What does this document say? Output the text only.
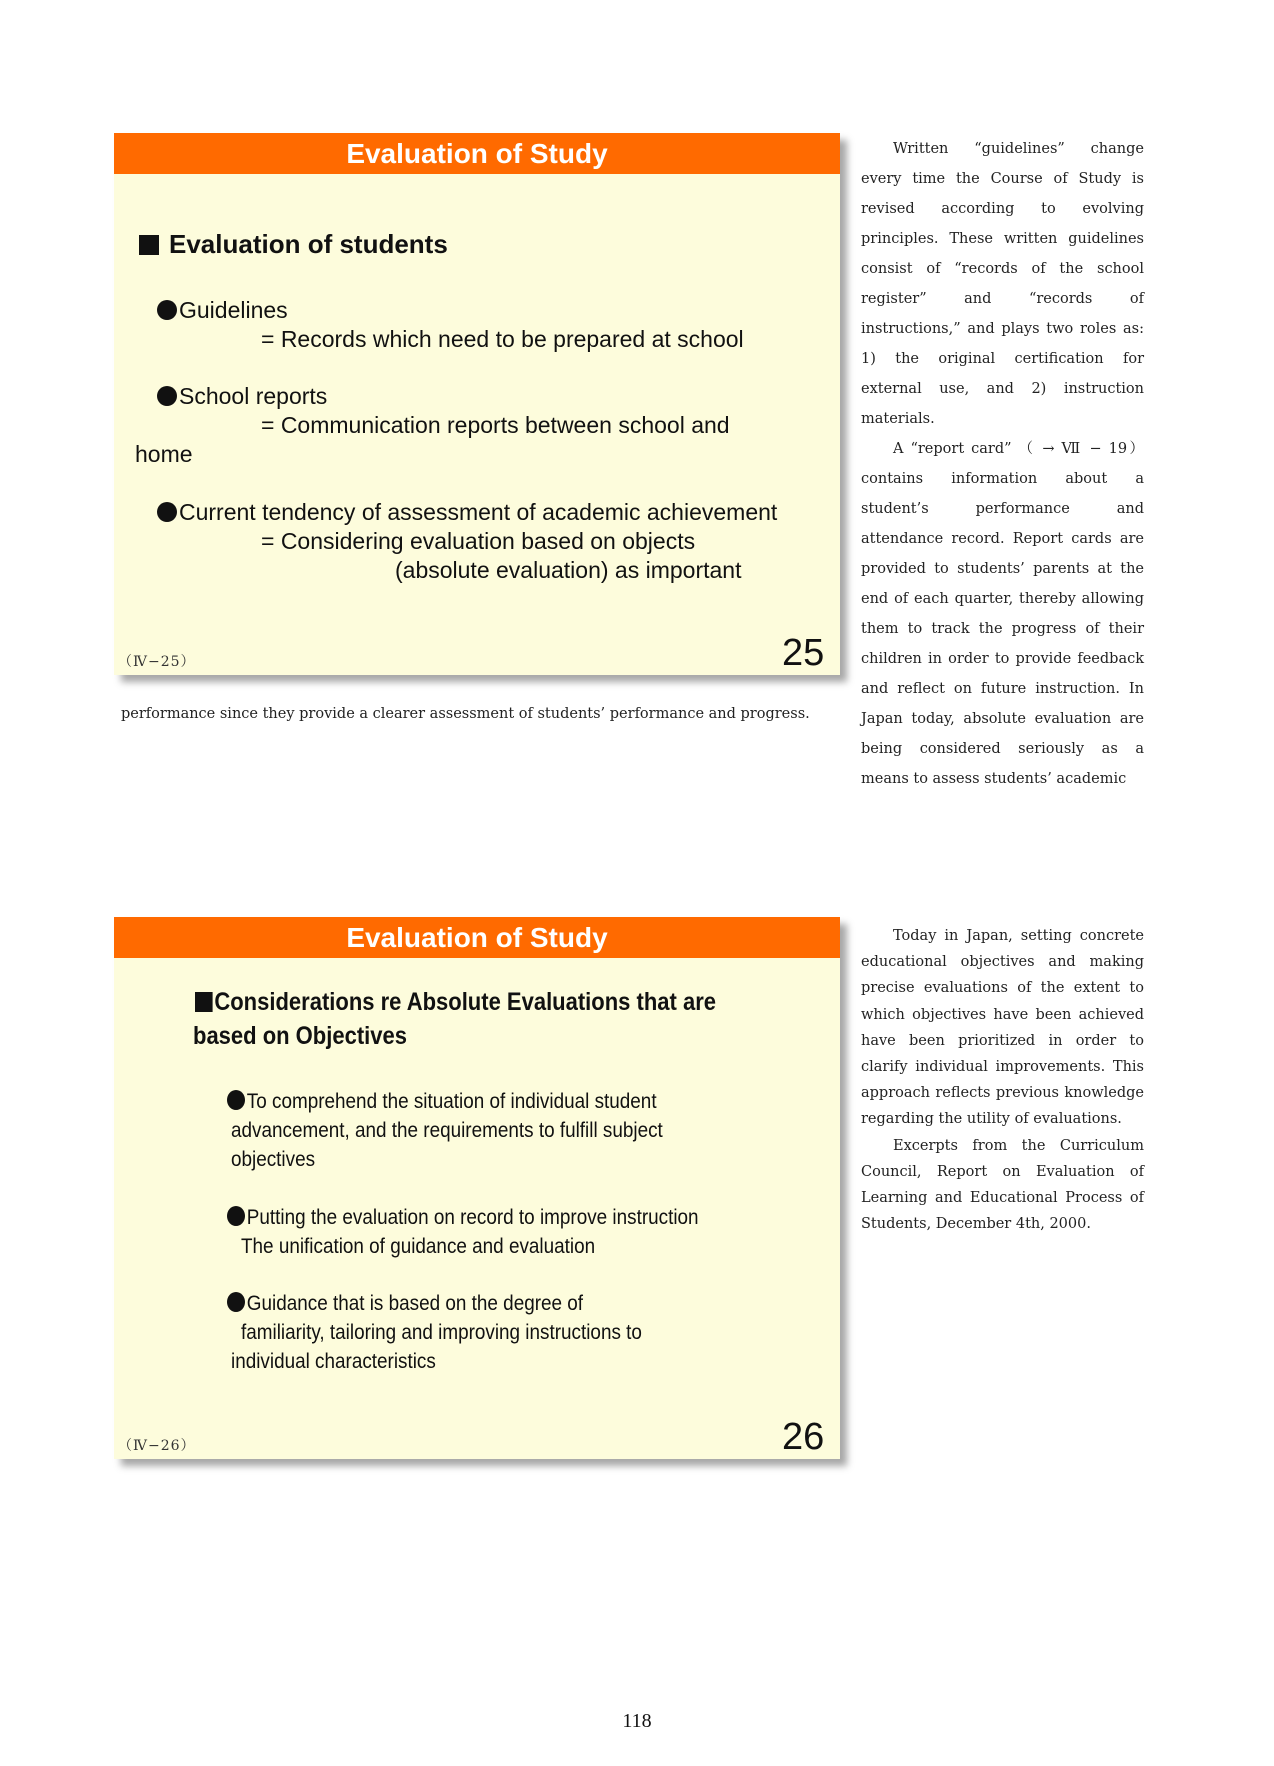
Evaluation of Study
Evaluation of students
Guidelines
= Records which need to be prepared at school
School reports
= Communication reports between school and
home
Current tendency of assessment of academic achievement
= Considering evaluation based on objects
(absolute evaluation) as important
（Ⅳ−25）	25

Written “guidelines” change every time the Course of Study is revised according to evolving principles. These written guidelines consist of “records of the school register” and “records of instructions,” and plays two roles as: 1) the original certification for external use, and 2) instruction materials.

A “report card” （ → Ⅶ − 19） contains information about a student’s performance and attendance record. Report cards are provided to students’ parents at the end of each quarter, thereby allowing them to track the progress of their children in order to provide feedback and reflect on future instruction. In Japan today, absolute evaluation are being considered seriously as a means to assess students’ academic

performance since they provide a clearer assessment of students’ performance and progress.
Evaluation of Study
Considerations re Absolute Evaluations that are
based on Objectives
To comprehend the situation of individual student
advancement, and the requirements to fulfill subject
objectives
Putting the evaluation on record to improve instruction
The unification of guidance and evaluation
Guidance that is based on the degree of
familiarity, tailoring and improving instructions to
individual characteristics
（Ⅳ−26）	26

Today in Japan, setting concrete educational objectives and making precise evaluations of the extent to which objectives have been achieved have been prioritized in order to clarify individual improvements. This approach reflects previous knowledge regarding the utility of evaluations.

Excerpts from the Curriculum Council, Report on Evaluation of Learning and Educational Process of Students, December 4th, 2000.

118
